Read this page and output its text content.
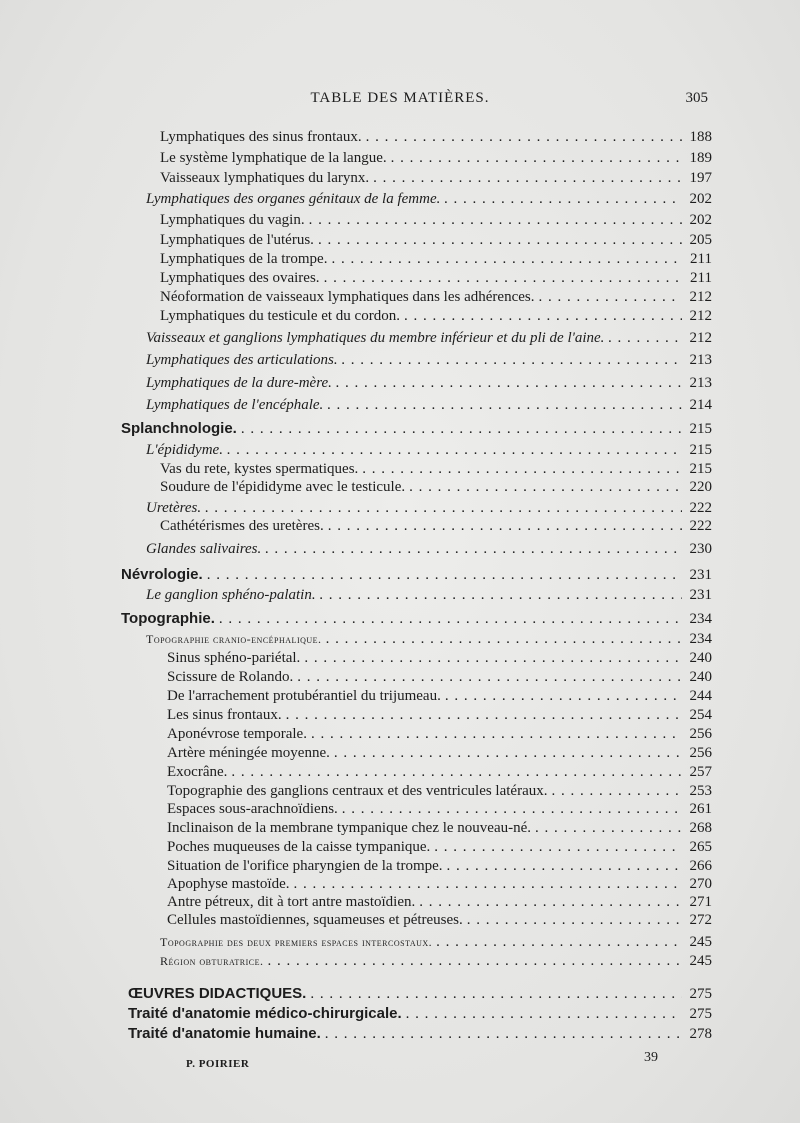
TABLE DES MATIÈRES.	305
Lymphatiques des sinus frontaux. . . .	188
Le système lymphatique de la langue. . . .	189
Vaisseaux lymphatiques du larynx. . . .	197
Lymphatiques des organes génitaux de la femme. . . .	202
Lymphatiques du vagin. . . .	202
Lymphatiques de l'utérus. . . .	205
Lymphatiques de la trompe. . . .	211
Lymphatiques des ovaires. . . .	211
Néoformation de vaisseaux lymphatiques dans les adhérences. . . .	212
Lymphatiques du testicule et du cordon. . . .	212
Vaisseaux et ganglions lymphatiques du membre inférieur et du pli de l'aine. . . .	212
Lymphatiques des articulations. . . .	213
Lymphatiques de la dure-mère. . . .	213
Lymphatiques de l'encéphale. . . .	214
Splanchnologie. . . .	215
L'épididyme. . . .	215
Vas du rete, kystes spermatiques. . . .	215
Soudure de l'épididyme avec le testicule. . . .	220
Uretères. . . .	222
Cathétérismes des uretères. . . .	222
Glandes salivaires. . . .	230
Névrologie. . . .	231
Le ganglion sphéno-palatin. . . .	231
Topographie. . . .	234
Topographie cranio-encéphalique. . . .	234
Sinus sphéno-pariétal. . . .	240
Scissure de Rolando. . . .	240
De l'arrachement protubérantiel du trijumeau. . . .	244
Les sinus frontaux. . . .	254
Aponévrose temporale. . . .	256
Artère méningée moyenne. . . .	256
Exocrâne. . . .	257
Topographie des ganglions centraux et des ventricules latéraux. . . .	253
Espaces sous-arachnoïdiens. . . .	261
Inclinaison de la membrane tympanique chez le nouveau-né. . . .	268
Poches muqueuses de la caisse tympanique. . . .	265
Situation de l'orifice pharyngien de la trompe. . . .	266
Apophyse mastoïde. . . .	270
Antre pétreux, dit à tort antre mastoïdien. . . .	271
Cellules mastoïdiennes, squameuses et pétreuses. . . .	272
Topographie des deux premiers espaces intercostaux. . . .	245
Région obturatrice. . . .	245
ŒUVRES DIDACTIQUES. . . .	275
Traité d'anatomie médico-chirurgicale. . . .	275
Traité d'anatomie humaine. . . .	278
P. POIRIER	39
